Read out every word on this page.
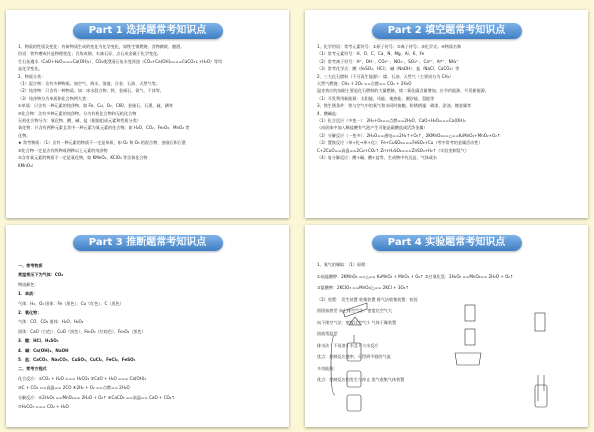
Part 1 选择题常考知识点

1、物质的性质及变化：有新物质生成的变化为化学变化，如铁生锈燃烧、食物腐败、酿酒。

俗语：铁杵磨成针是物理变化；百炼成钢、水滴石穿、点石成金属于化学变化。

生石灰遇水（CaO+H₂O===Ca(OH)₂）、CO₂使澄清石灰水变浑浊（CO₂+Ca(OH)₂===CaCO₃↓+H₂O）等均

是化学变化。

2、物质分类：

（1）混合物：含有多种物质。如空气、海水、溶液、合金、石油、天然气等。

（2）纯净物：只含有一种物质。如：冰水混合物、铁、金刚石、氧气、干冰等。

（3）纯净物分为单质和化合物两大类：

①单质：只含有一种元素的纯净物。如 Fe、Cu、O₂、C60、金刚石、石墨、硫、磷等

②化合物：含有多种元素的纯净物。分为有机化合物和无机化合物

无机化合物分为：氧化物、酸、碱、盐（根据组成元素和性质分类）

氧化物：只含有两种元素且其中一种元素为氧元素的化合物。如 H₂O、CO₂、Fe₂O₃、MnO₂ 等

化物。

★ 常考物质：（1）含有一种元素的物质不一定是单质，如 O₂ 和 O₃ 的混合物、金刚石和石墨

②化合物一定是含有两种或两种以上元素的纯净物

③含有氧元素的物质不一定是氧化物，如 KMnO₄、KClO₃ 等含氧化合物

KMnO₄）

Part 2 填空题常考知识点

1、化学用语：常考元素符号：①原子符号；②离子符号；③化学式；④物质名称

（1）常考元素符号：H、O、C、Ca、N、Mg、Al、K、Fe

（2）常考离子符号：H⁺、OH⁻、CO₃²⁻、NO₃⁻、SO₄²⁻、Ca²⁺、Al³⁺、NH₄⁺

（3）常考化学式：酸（H₂SO₄、HCl）、碱（NaOH）、盐（NaCl、CaCO₃）等

2、三大化石燃料（不可再生能源）：煤、石油、天然气（主要成分为 CH₄）

天然气燃烧：CH₄ + 2O₂ ==点燃== CO₂ + 2H₂O

温室效应的加剧主要是化石燃料的大量燃烧，使二氧化碳含量增加，应节约能源，开发新能源。

（1）开发利用新能源：太阳能、风能、地热能、潮汐能、氢能等

3、铁生锈条件：铁与空气中的氧气和水同时接触，防锈措施：刷漆、涂油、镀金属等

4、酸碱盐：

（1）化合反应（多变一）：2H₂+O₂==点燃==2H₂O、CaO+H₂O===Ca(OH)₂

（向固体中加入稀盐酸有气泡产生可能是碳酸盐或活泼金属）

（2）分解反应（一变多）：2H₂O==通电==2H₂↑+O₂↑、2KMnO₄==△==K₂MnO₄+MnO₂+O₂↑

（3）置换反应（单+化→单+化）：Fe+CuSO₄===FeSO₄+Cu（考中常考的金属活动性）

C+2CuO==高温==2Cu+CO₂↑ Zn+H₂SO₄===ZnSO₄+H₂↑（实验室制氢气）

（4）复分解反应：酸+碱、酸+盐等，生成物中有沉淀、气体或水

Part 3 推断题常考知识点

一、常考物质

常温常压下为气体：CO₂

物质颜色：

1．单质：

气体：H₂、O₂ 固体：Fe（黑色）、Cu（红色）、C（黑色）

2．氧化物：

气体：CO、CO₂ 液体：H₂O、H₂O₂

固体：CaO（白色）、CuO（黑色）、Fe₂O₃（红棕色）、Fe₃O₄（黑色）

3．酸：HCl、H₂SO₄

4．碱：Ca(OH)₂、NaOH

5．盐：CaCO₃、Na₂CO₃、CuSO₄、CuCl₂、FeCl₂、FeSO₄

二、常考方程式

化合反应：①CO₂ + H₂O === H₂CO₃ ②CaO + H₂O === Ca(OH)₂

③C + CO₂ ==高温== 2CO ④2H₂ + O₂ ==点燃== 2H₂O

分解反应：⑤2H₂O₂ ==MnO₂== 2H₂O + O₂↑ ⑥CaCO₃ ==高温== CaO + CO₂↑

⑦H₂CO₃ === CO₂ + H₂O

Part 4 实验题常考知识点

1、氧气的制取：（1）原理：

①高锰酸钾：2KMnO₄ ==△== K₂MnO₄ + MnO₂ + O₂↑ ②过氧化氢：2H₂O₂ ==MnO₂== 2H₂O + O₂↑

③氯酸钾：2KClO₃ ==MnO₂/△== 2KCl + 3O₂↑

（2）装置： 发生装置 收集装置 排气法收集装置：检验

固固加热型 向上排空气法：密度比空气大

向下排空气法：密度比空气小 气体干燥装置

固液常温型

排水法：不易溶于水且不与水反应

优点：控制反应速率，可得到平稳的气流

多功能瓶：

优点：控制反应的发生与停止 洗气收集气体装置
